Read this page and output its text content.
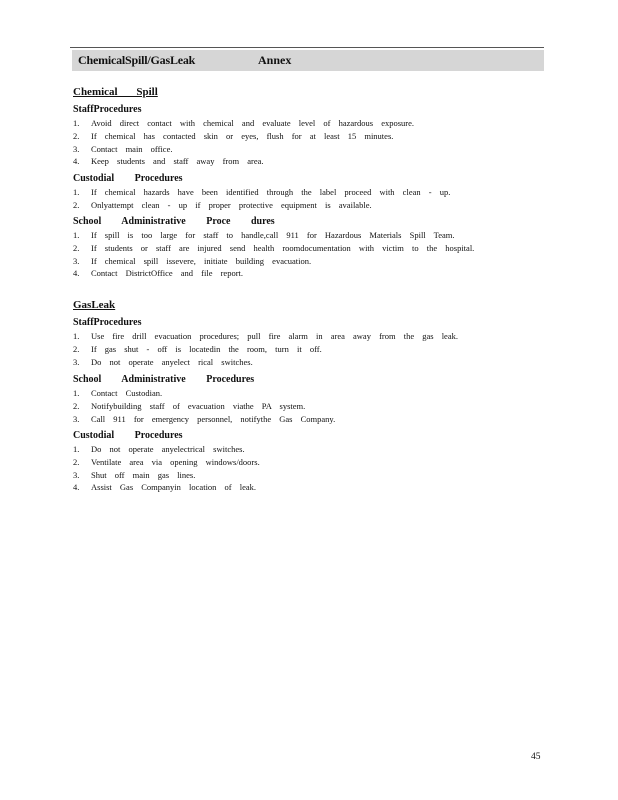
ChemicalSpill/GasLeak	Annex
Chemical Spill
StaffProcedures
1. Avoid direct contact with chemical and evaluate level of hazardous exposure.
2. If chemical has contacted skin or eyes, flush for at least 15 minutes.
3. Contact main office.
4. Keep students and staff away from area.
Custodial Procedures
1. If chemical hazards have been identified through the label proceed with clean - up.
2. Onlyattempt clean - up if proper protective equipment is available.
School Administrative Proce dures
1. If spill is too large for staff to handle,call 911 for Hazardous Materials Spill Team.
2. If students or staff are injured send health roomdocumentation with victim to the hospital.
3. If chemical spill issevere, initiate building evacuation.
4. Contact DistrictOffice and file report.
GasLeak
StaffProcedures
1. Use fire drill evacuation procedures; pull fire alarm in area away from the gas leak.
2. If gas shut - off is locatedin the room, turn it off.
3. Do not operate anyelect rical switches.
School Administrative Procedures
1. Contact Custodian.
2. Notifybuilding staff of evacuation viathe PA system.
3. Call 911 for emergency personnel, notifythe Gas Company.
Custodial Procedures
1. Do not operate anyelectrical switches.
2. Ventilate area via opening windows/doors.
3. Shut off main gas lines.
4. Assist Gas Companyin location of leak.
45
